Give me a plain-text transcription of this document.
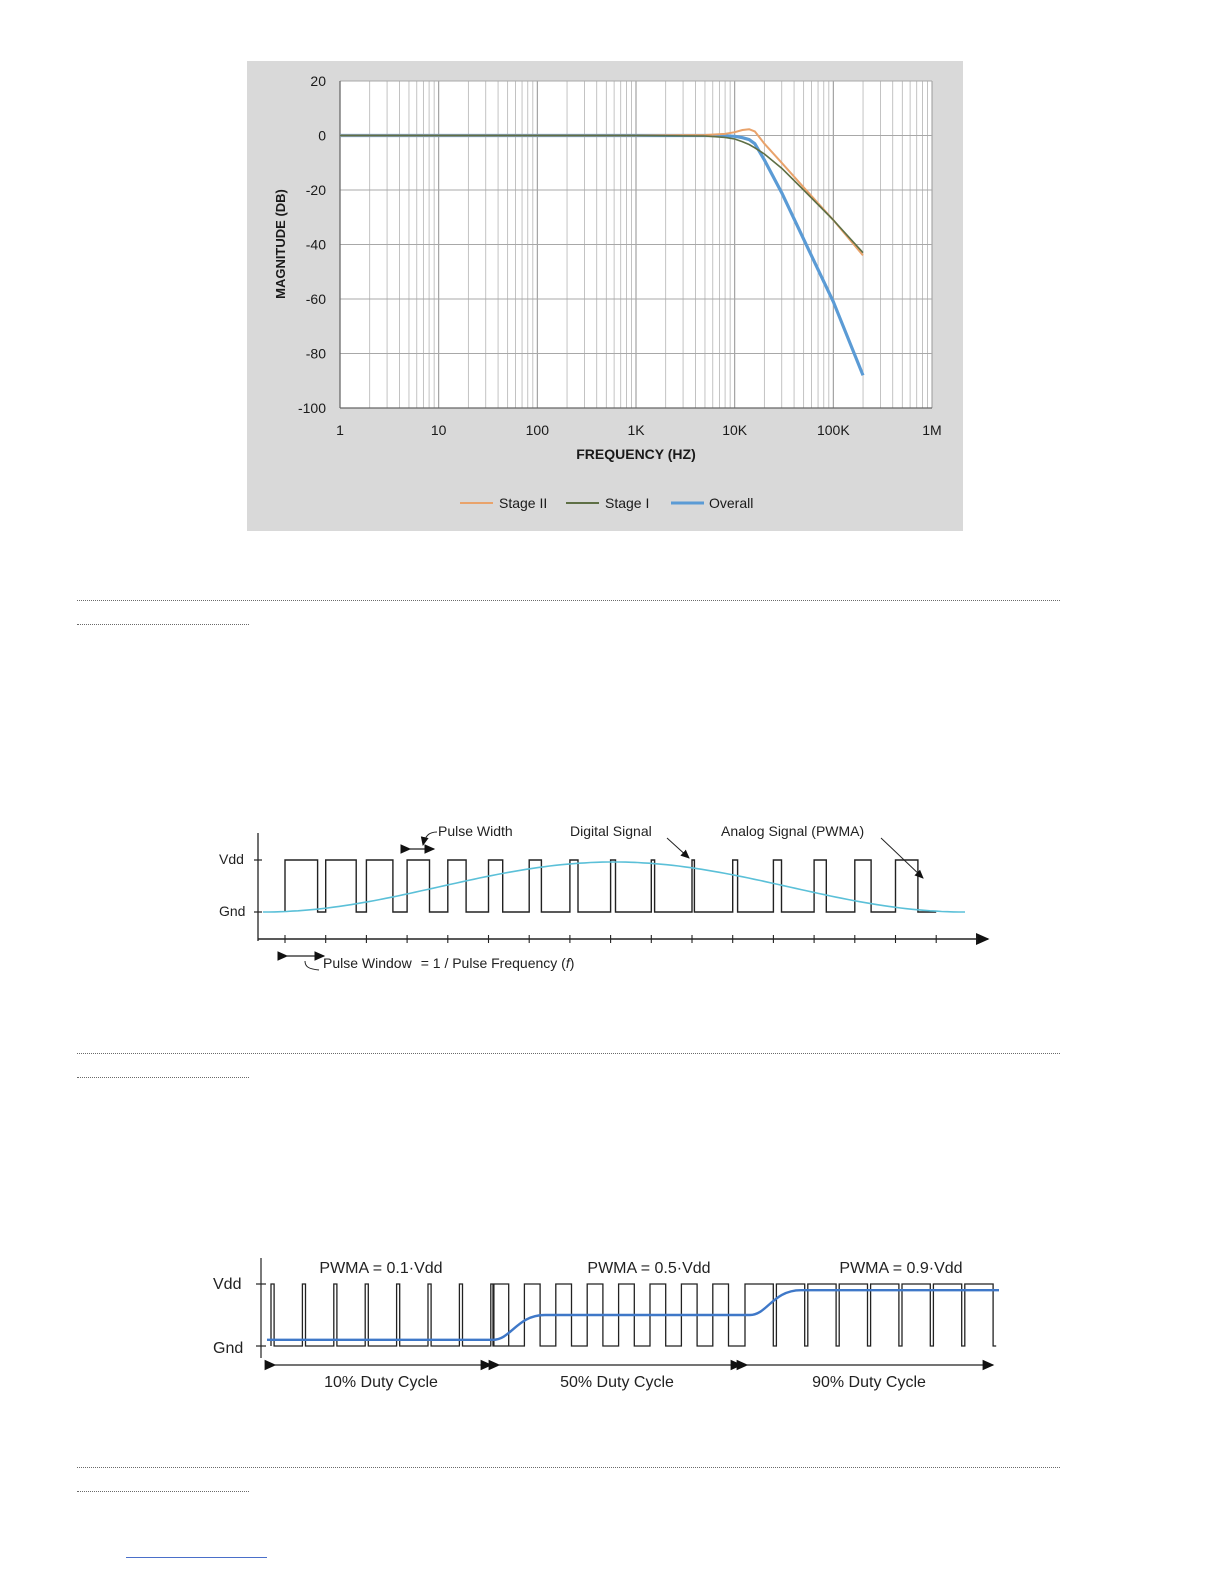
20
0
-20
-40
-60
-80
-100
1	10	100	1K	10K	100K	1M
FREQUENCY (HZ)
MAGNITUDE (DB)
Stage II	Stage I	Overall
Vdd
Gnd
Pulse Width	Digital Signal	Analog Signal (PWMA)
Pulse Window = 1 / Pulse Frequency (f)
Vdd
Gnd
PWMA = 0.1·Vdd
10% Duty Cycle
PWMA = 0.5·Vdd
50% Duty Cycle
PWMA = 0.9·Vdd
90% Duty Cycle
